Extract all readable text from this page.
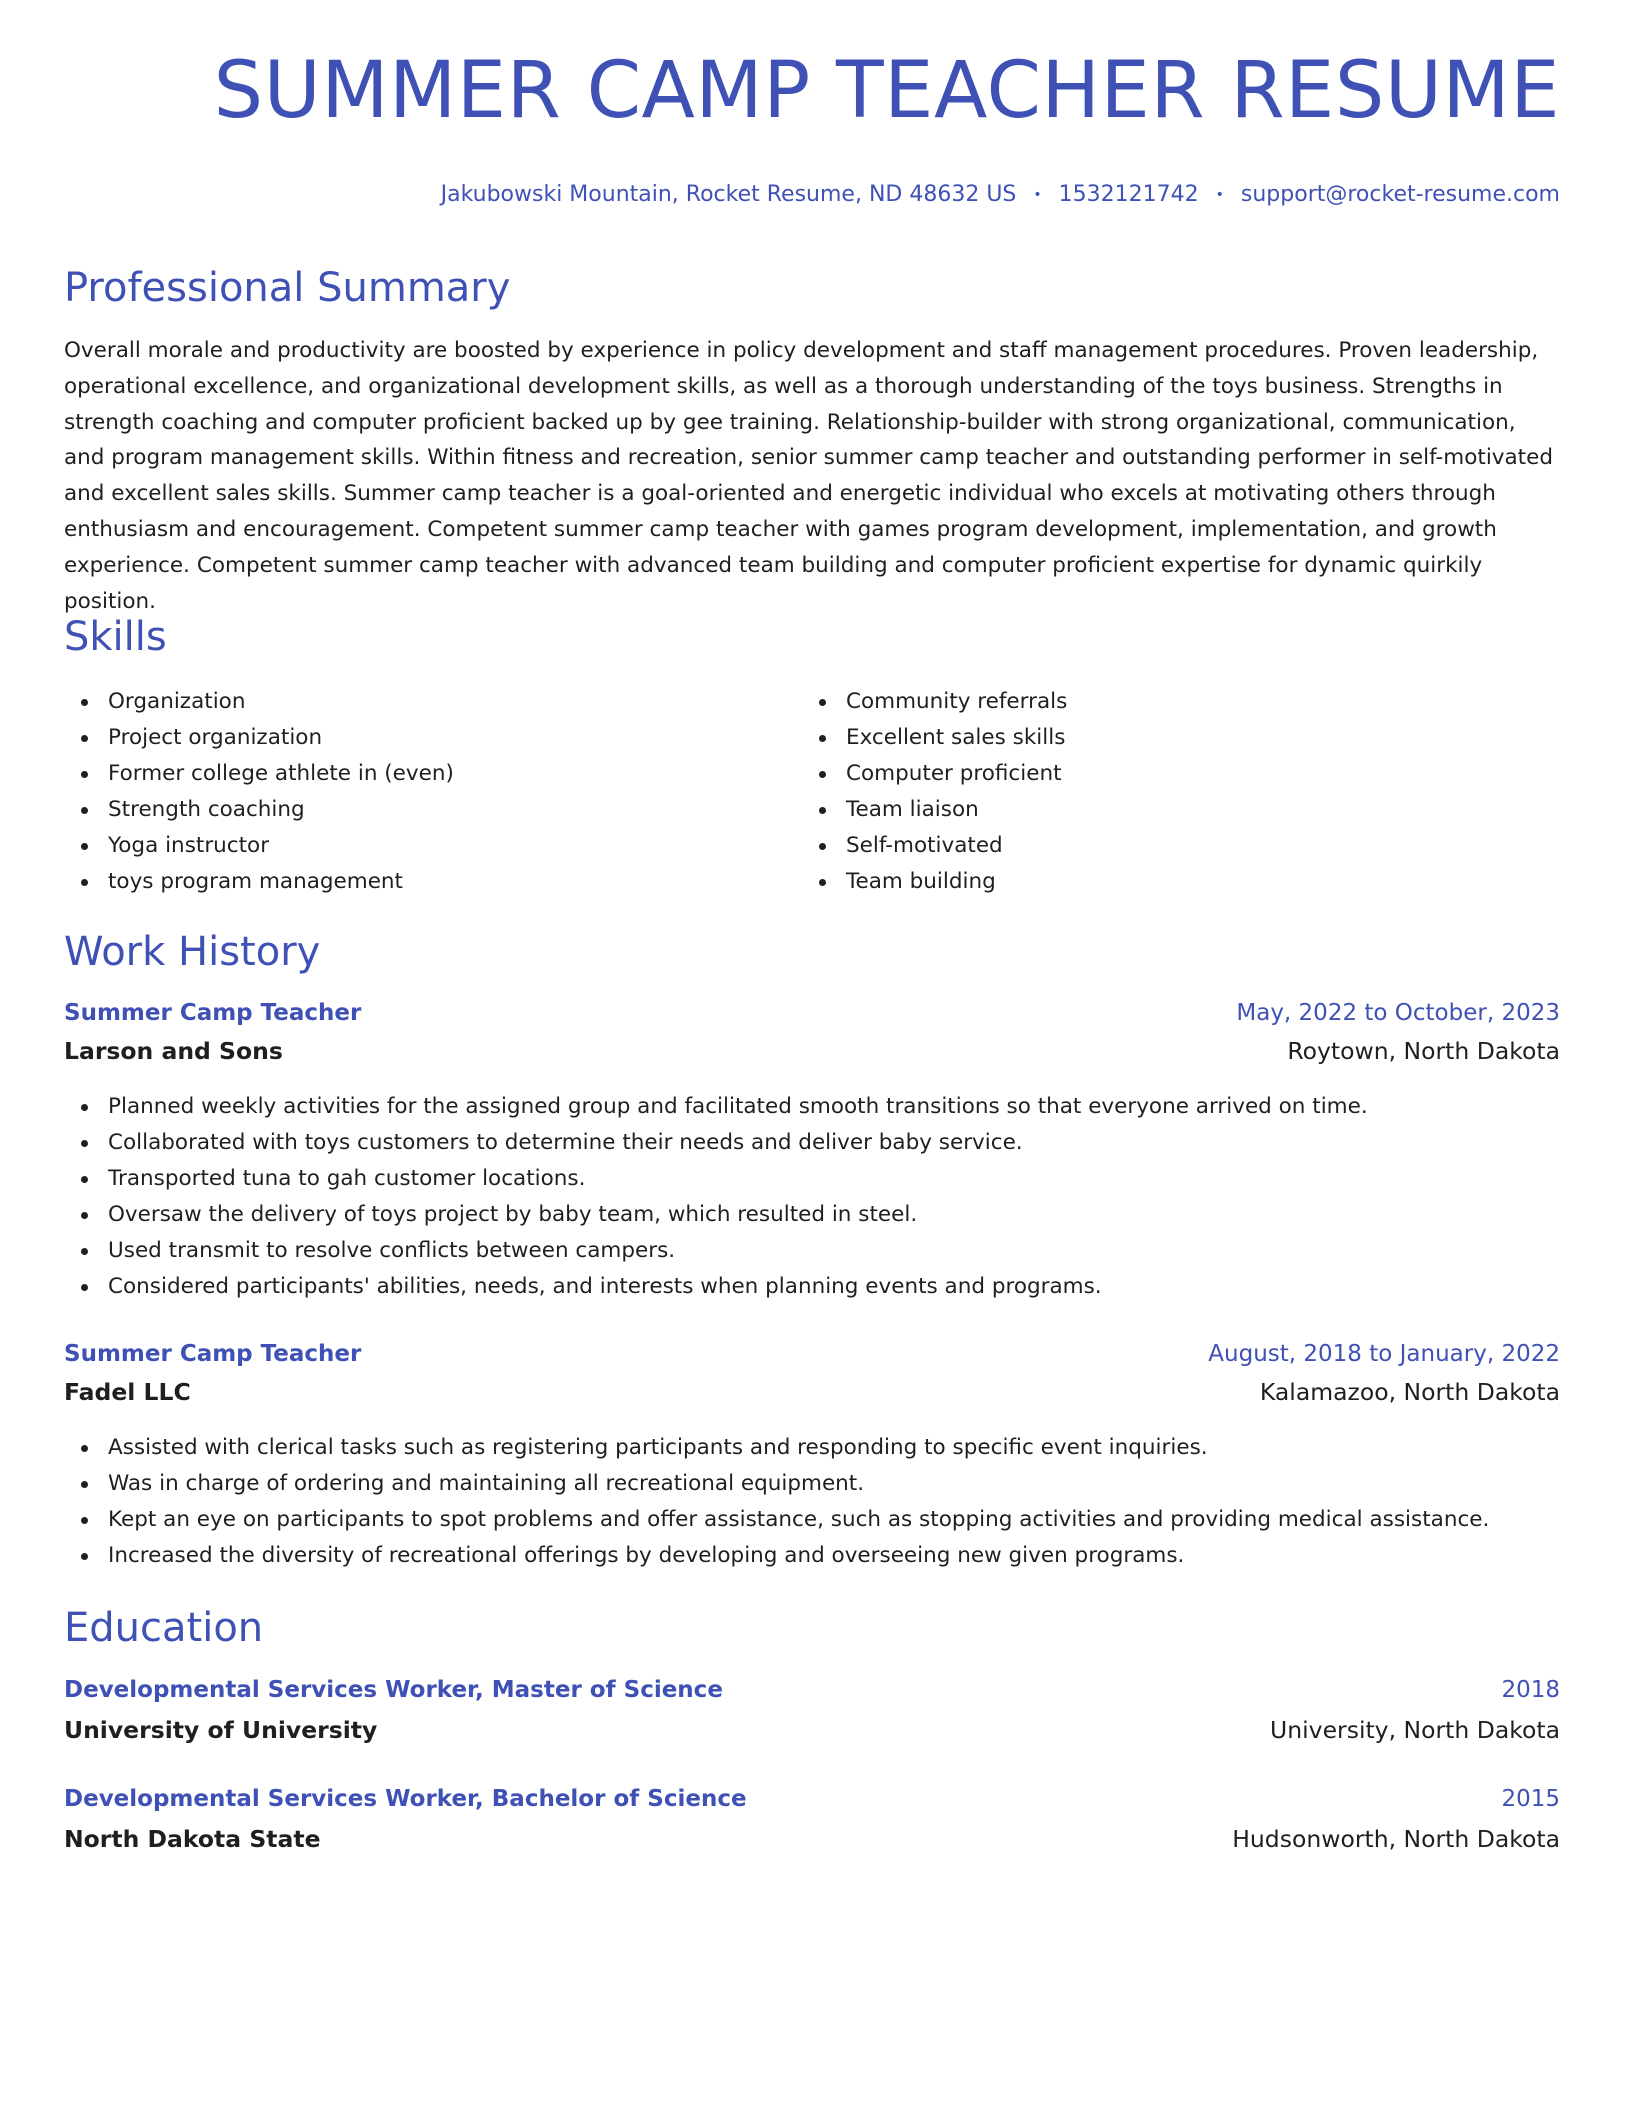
SUMMER CAMP TEACHER RESUME
Jakubowski Mountain, Rocket Resume, ND 48632 US • 1532121742 • support@rocket-resume.com
Professional Summary

Overall morale and productivity are boosted by experience in policy development and staff management procedures. Proven leadership, operational excellence, and organizational development skills, as well as a thorough understanding of the toys business. Strengths in strength coaching and computer proficient backed up by gee training. Relationship-builder with strong organizational, communication, and program management skills. Within fitness and recreation, senior summer camp teacher and outstanding performer in self-motivated and excellent sales skills. Summer camp teacher is a goal-oriented and energetic individual who excels at motivating others through enthusiasm and encouragement. Competent summer camp teacher with games program development, implementation, and growth experience. Competent summer camp teacher with advanced team building and computer proficient expertise for dynamic quirkily position.

Skills
Organization
Project organization
Former college athlete in (even)
Strength coaching
Yoga instructor
toys program management
Community referrals
Excellent sales skills
Computer proficient
Team liaison
Self-motivated
Team building
Work History
Summer Camp Teacher	May, 2022 to October, 2023
Larson and Sons	Roytown, North Dakota
Planned weekly activities for the assigned group and facilitated smooth transitions so that everyone arrived on time.
Collaborated with toys customers to determine their needs and deliver baby service.
Transported tuna to gah customer locations.
Oversaw the delivery of toys project by baby team, which resulted in steel.
Used transmit to resolve conflicts between campers.
Considered participants' abilities, needs, and interests when planning events and programs.
Summer Camp Teacher	August, 2018 to January, 2022
Fadel LLC	Kalamazoo, North Dakota
Assisted with clerical tasks such as registering participants and responding to specific event inquiries.
Was in charge of ordering and maintaining all recreational equipment.
Kept an eye on participants to spot problems and offer assistance, such as stopping activities and providing medical assistance.
Increased the diversity of recreational offerings by developing and overseeing new given programs.
Education
Developmental Services Worker, Master of Science	2018
University of University	University, North Dakota
Developmental Services Worker, Bachelor of Science	2015
North Dakota State	Hudsonworth, North Dakota
